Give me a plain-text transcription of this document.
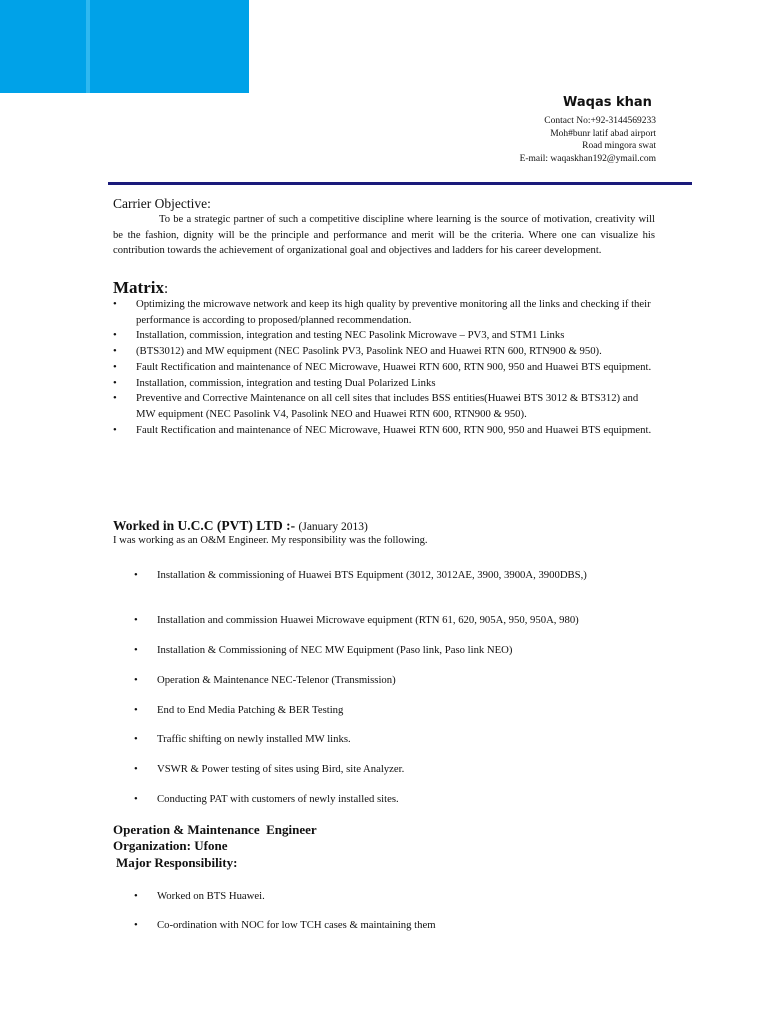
Waqas khan
Contact No:+92-3144569233
Moh#bunr latif abad airport
Road mingora swat
E-mail: waqaskhan192@ymail.com
Carrier Objective:
To be a strategic partner of such a competitive discipline where learning is the source of motivation, creativity will be the fashion, dignity will be the principle and performance and merit will be the criteria. Where one can visualize his contribution towards the achievement of organizational goal and objectives and ladders for his career development.
Matrix:
• Optimizing the microwave network and keep its high quality by preventive monitoring all the links and checking if their performance is according to proposed/planned recommendation.
• Installation, commission, integration and testing NEC Pasolink Microwave – PV3, and STM1 Links
• (BTS3012) and MW equipment (NEC Pasolink PV3, Pasolink NEO and Huawei RTN 600, RTN900 & 950).
• Fault Rectification and maintenance of NEC Microwave, Huawei RTN 600, RTN 900, 950 and Huawei BTS equipment.
• Installation, commission, integration and testing Dual Polarized Links
• Preventive and Corrective Maintenance on all cell sites that includes BSS entities(Huawei BTS 3012 & BTS312) and MW equipment (NEC Pasolink V4, Pasolink NEO and Huawei RTN 600, RTN900 & 950).
• Fault Rectification and maintenance of NEC Microwave, Huawei RTN 600, RTN 900, 950 and Huawei BTS equipment.
Worked in U.C.C (PVT) LTD :- (January 2013)
I was working as an O&M Engineer. My responsibility was the following.
• Installation & commissioning of Huawei BTS Equipment (3012, 3012AE, 3900, 3900A, 3900DBS,)
• Installation and commission Huawei Microwave equipment (RTN 61, 620, 905A, 950, 950A, 980)
• Installation & Commissioning of NEC MW Equipment (Paso link, Paso link NEO)
• Operation & Maintenance NEC-Telenor (Transmission)
• End to End Media Patching & BER Testing
• Traffic shifting on newly installed MW links.
• VSWR & Power testing of sites using Bird, site Analyzer.
• Conducting PAT with customers of newly installed sites.
Operation & Maintenance  Engineer
Organization: Ufone
Major Responsibility:
• Worked on BTS Huawei.
• Co-ordination with NOC for low TCH cases & maintaining them
